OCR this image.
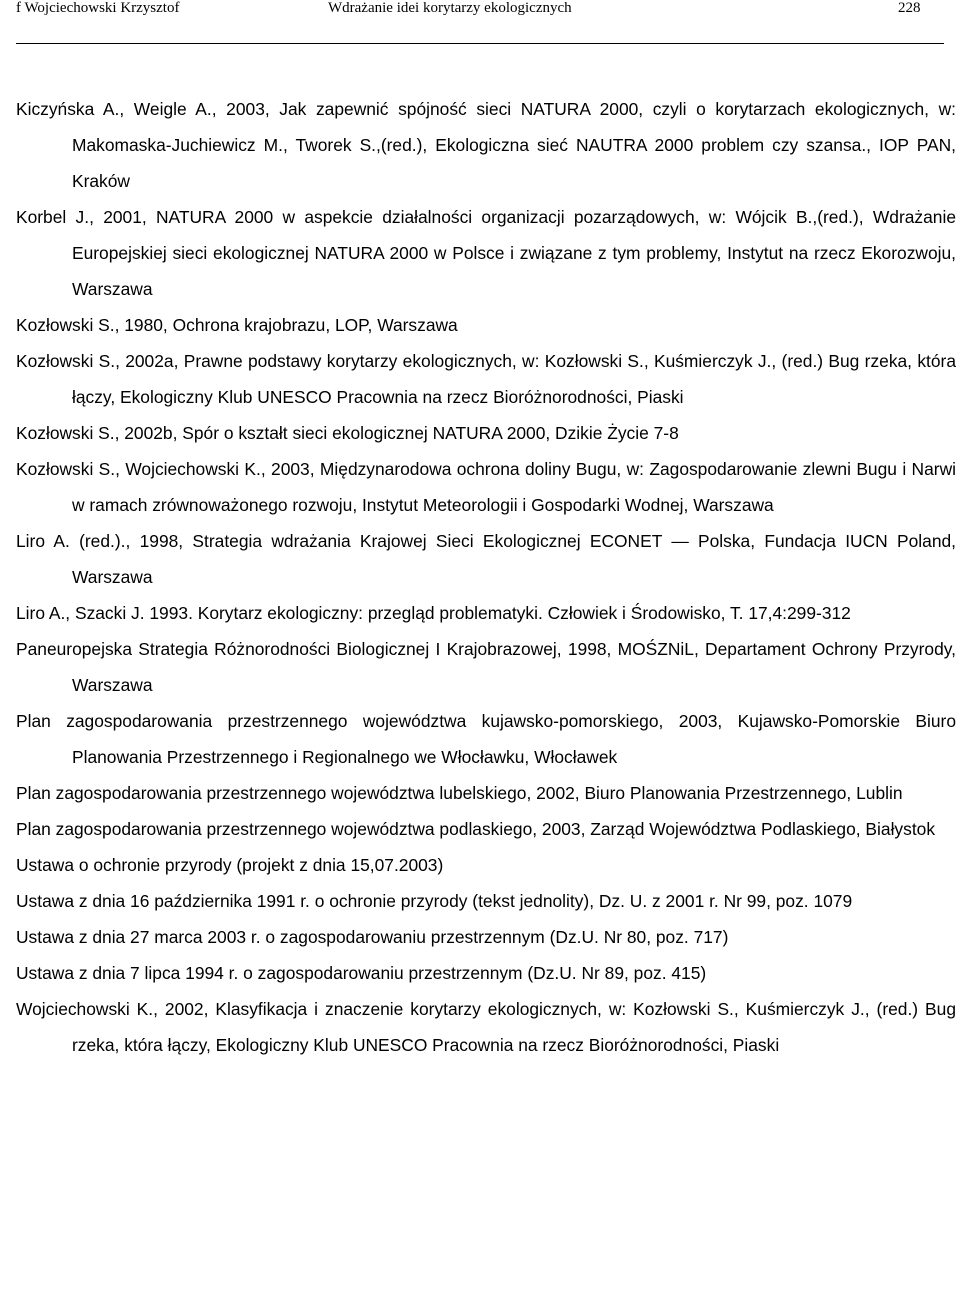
f Wojciechowski Krzysztof	Wdrażanie idei korytarzy ekologicznych	228
Kiczyńska A., Weigle A., 2003, Jak zapewnić spójność sieci NATURA 2000, czyli o korytarzach ekologicznych, w: Makomaska-Juchiewicz M., Tworek S.,(red.), Ekologiczna sieć NAUTRA 2000 problem czy szansa., IOP PAN, Kraków
Korbel J., 2001, NATURA 2000 w aspekcie działalności organizacji pozarządowych, w: Wójcik B.,(red.), Wdrażanie Europejskiej sieci ekologicznej NATURA 2000 w Polsce i związane z tym problemy, Instytut na rzecz Ekorozwoju, Warszawa
Kozłowski S., 1980, Ochrona krajobrazu, LOP, Warszawa
Kozłowski S., 2002a, Prawne podstawy korytarzy ekologicznych, w: Kozłowski S., Kuśmierczyk J., (red.) Bug rzeka, która łączy, Ekologiczny Klub UNESCO Pracownia na rzecz Bioróżnorodności, Piaski
Kozłowski S., 2002b, Spór o kształt sieci ekologicznej NATURA 2000, Dzikie Życie 7-8
Kozłowski S., Wojciechowski K., 2003, Międzynarodowa ochrona doliny Bugu, w: Zagospodarowanie zlewni Bugu i Narwi w ramach zrównoważonego rozwoju, Instytut Meteorologii i Gospodarki Wodnej, Warszawa
Liro A. (red.)., 1998, Strategia wdrażania Krajowej Sieci Ekologicznej ECONET — Polska, Fundacja IUCN Poland, Warszawa
Liro A., Szacki J. 1993. Korytarz ekologiczny: przegląd problematyki. Człowiek i Środowisko, T. 17,4:299-312
Paneuropejska Strategia Różnorodności Biologicznej I Krajobrazowej, 1998, MOŚZNiL, Departament Ochrony Przyrody, Warszawa
Plan zagospodarowania przestrzennego województwa kujawsko-pomorskiego, 2003, Kujawsko-Pomorskie Biuro Planowania Przestrzennego i Regionalnego we Włocławku, Włocławek
Plan zagospodarowania przestrzennego województwa lubelskiego, 2002, Biuro Planowania Przestrzennego, Lublin
Plan zagospodarowania przestrzennego województwa podlaskiego, 2003, Zarząd Województwa Podlaskiego, Białystok
Ustawa o ochronie przyrody (projekt z dnia 15,07.2003)
Ustawa z dnia 16 października 1991 r. o ochronie przyrody (tekst jednolity), Dz. U. z 2001 r. Nr 99, poz. 1079
Ustawa z dnia 27 marca 2003 r. o zagospodarowaniu przestrzennym (Dz.U. Nr 80, poz. 717)
Ustawa z dnia 7 lipca 1994 r. o zagospodarowaniu przestrzennym (Dz.U. Nr 89, poz. 415)
Wojciechowski K., 2002, Klasyfikacja i znaczenie korytarzy ekologicznych, w: Kozłowski S., Kuśmierczyk J., (red.) Bug rzeka, która łączy, Ekologiczny Klub UNESCO Pracownia na rzecz Bioróżnorodności, Piaski
